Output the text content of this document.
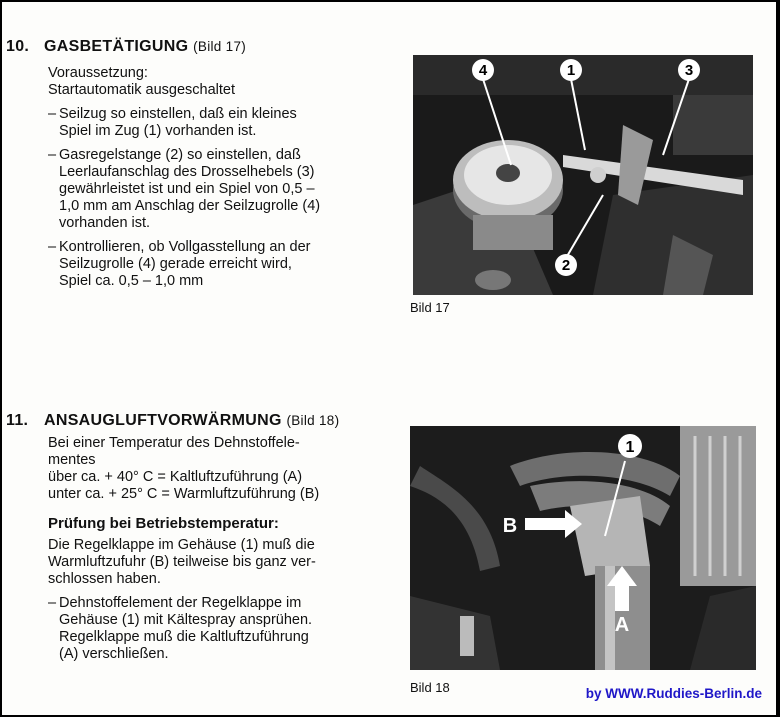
10. GASBETÄTIGUNG (Bild 17)
Voraussetzung:
Startautomatik ausgeschaltet
– Seilzug so einstellen, daß ein kleines
Spiel im Zug (1) vorhanden ist.
– Gasregelstange (2) so einstellen, daß
Leerlaufanschlag des Drosselhebels (3)
gewährleistet ist und ein Spiel von 0,5 –
1,0 mm am Anschlag der Seilzugrolle (4)
vorhanden ist.
– Kontrollieren, ob Vollgasstellung an der
Seilzugrolle (4) gerade erreicht wird,
Spiel ca. 0,5 – 1,0 mm
4	1	3
2
Bild 17
11. ANSAUGLUFTVORWÄRMUNG (Bild 18)
Bei einer Temperatur des Dehnstoffele-
mentes
über ca. + 40° C = Kaltluftzuführung (A)
unter ca. + 25° C = Warmluftzuführung (B)
Prüfung bei Betriebstemperatur:
Die Regelklappe im Gehäuse (1) muß die
Warmluftzufuhr (B) teilweise bis ganz ver-
schlossen haben.
– Dehnstoffelement der Regelklappe im
Gehäuse (1) mit Kältespray ansprühen.
Regelklappe muß die Kaltluftzuführung
(A) verschließen.
1
B
A
Bild 18	by WWW.Ruddies-Berlin.de
